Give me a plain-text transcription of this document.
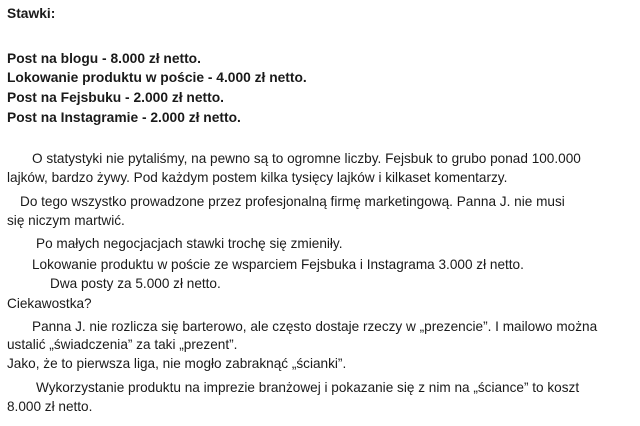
Stawki:
Post na blogu - 8.000 zł netto.
Lokowanie produktu w poście - 4.000 zł netto.
Post na Fejsbuku - 2.000 zł netto.
Post na Instagramie - 2.000 zł netto.
O statystyki nie pytaliśmy, na pewno są to ogromne liczby. Fejsbuk to grubo ponad 100.000
lajków, bardzo żywy. Pod każdym postem kilka tysięcy lajków i kilkaset komentarzy.
Do tego wszystko prowadzone przez profesjonalną firmę marketingową. Panna J. nie musi
się niczym martwić.
Po małych negocjacjach stawki trochę się zmieniły.
Lokowanie produktu w poście ze wsparciem Fejsbuka i Instagrama 3.000 zł netto.
Dwa posty za 5.000 zł netto.
Ciekawostka?
Panna J. nie rozlicza się barterowo, ale często dostaje rzeczy w „prezencie”. I mailowo można
ustalić „świadczenia” za taki „prezent”.
Jako, że to pierwsza liga, nie mogło zabraknąć „ścianki”.
Wykorzystanie produktu na imprezie branżowej i pokazanie się z nim na „ściance” to koszt
8.000 zł netto.
